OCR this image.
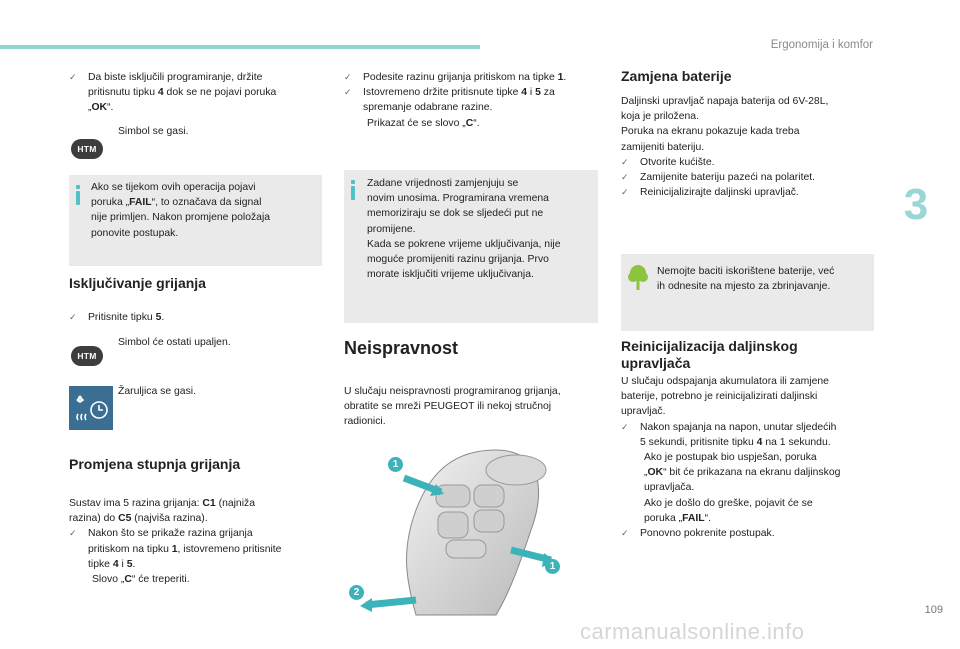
Ergonomija i komfor
3
✓ Da biste isključili programiranje, držite
pritisnutu tipku 4 dok se ne pojavi poruka
„OK“.
HTM
Simbol se gasi.
Ako se tijekom ovih operacija pojavi
poruka „FAIL“, to označava da signal
nije primljen. Nakon promjene položaja
ponovite postupak.
Isključivanje grijanja
✓ Pritisnite tipku 5.
HTM
Simbol će ostati upaljen.
Žaruljica se gasi.
Promjena stupnja grijanja
Sustav ima 5 razina grijanja: C1 (najniža
razina) do C5 (najviša razina).
✓ Nakon što se prikaže razina grijanja
pritiskom na tipku 1, istovremeno pritisnite
tipke 4 i 5.
Slovo „C“ će treperiti.
✓ Podesite razinu grijanja pritiskom na tipke 1.
✓ Istovremeno držite pritisnute tipke 4 i 5 za
spremanje odabrane razine.
Prikazat će se slovo „C“.
Zadane vrijednosti zamjenjuju se
novim unosima. Programirana vremena
memoriziraju se dok se sljedeći put ne
promijene.
Kada se pokrene vrijeme uključivanja, nije
moguće promijeniti razinu grijanja. Prvo
morate isključiti vrijeme uključivanja.
Neispravnost
U slučaju neispravnosti programiranog grijanja,
obratite se mreži PEUGEOT ili nekoj stručnoj
radionici.
1
1
2
Zamjena baterije
Daljinski upravljač napaja baterija od 6V-28L,
koja je priložena.
Poruka na ekranu pokazuje kada treba
zamijeniti bateriju.
✓ Otvorite kućište.
✓ Zamijenite bateriju pazeći na polaritet.
✓ Reinicijalizirajte daljinski upravljač.
Nemojte baciti iskorištene baterije, već
ih odnesite na mjesto za zbrinjavanje.
Reinicijalizacija daljinskog
upravljača
U slučaju odspajanja akumulatora ili zamjene
baterije, potrebno je reinicijalizirati daljinski
upravljač.
✓ Nakon spajanja na napon, unutar sljedećih
5 sekundi, pritisnite tipku 4 na 1 sekundu.
Ako je postupak bio uspješan, poruka
„OK“ bit će prikazana na ekranu daljinskog
upravljača.
Ako je došlo do greške, pojavit će se
poruka „FAIL“.
✓ Ponovno pokrenite postupak.
109
carmanualsonline.info
